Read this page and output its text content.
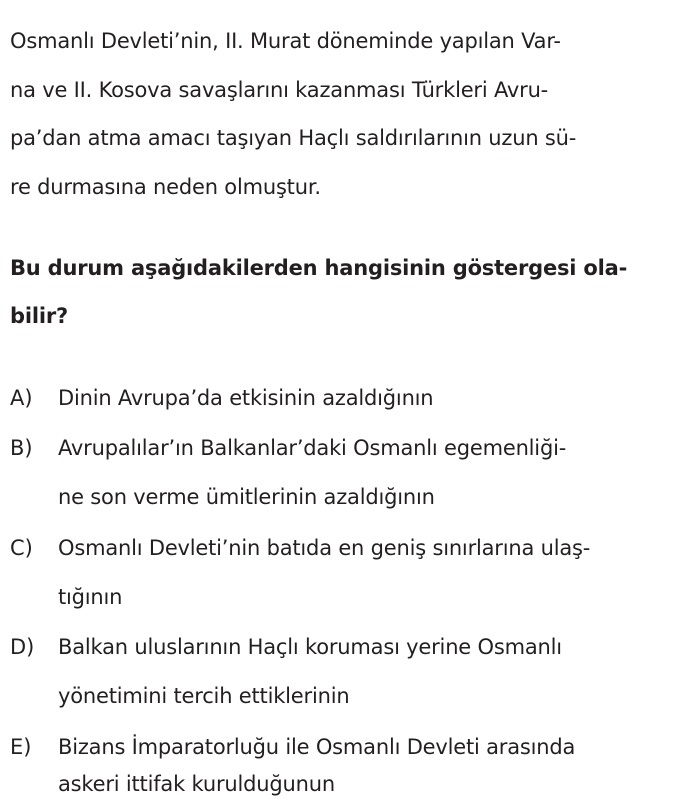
Osmanlı Devleti’nin, II. Murat döneminde yapılan Var-
na ve II. Kosova savaşlarını kazanması Türkleri Avru-
pa’dan atma amacı taşıyan Haçlı saldırılarının uzun sü-
re durmasına neden olmuştur.
Bu durum aşağıdakilerden hangisinin göstergesi ola-
bilir?
A) Dinin Avrupa’da etkisinin azaldığının
B) Avrupalılar’ın Balkanlar’daki Osmanlı egemenliği-
ne son verme ümitlerinin azaldığının
C) Osmanlı Devleti’nin batıda en geniş sınırlarına ulaş-
tığının
D) Balkan uluslarının Haçlı koruması yerine Osmanlı
yönetimini tercih ettiklerinin
E) Bizans İmparatorluğu ile Osmanlı Devleti arasında
askeri ittifak kurulduğunun
